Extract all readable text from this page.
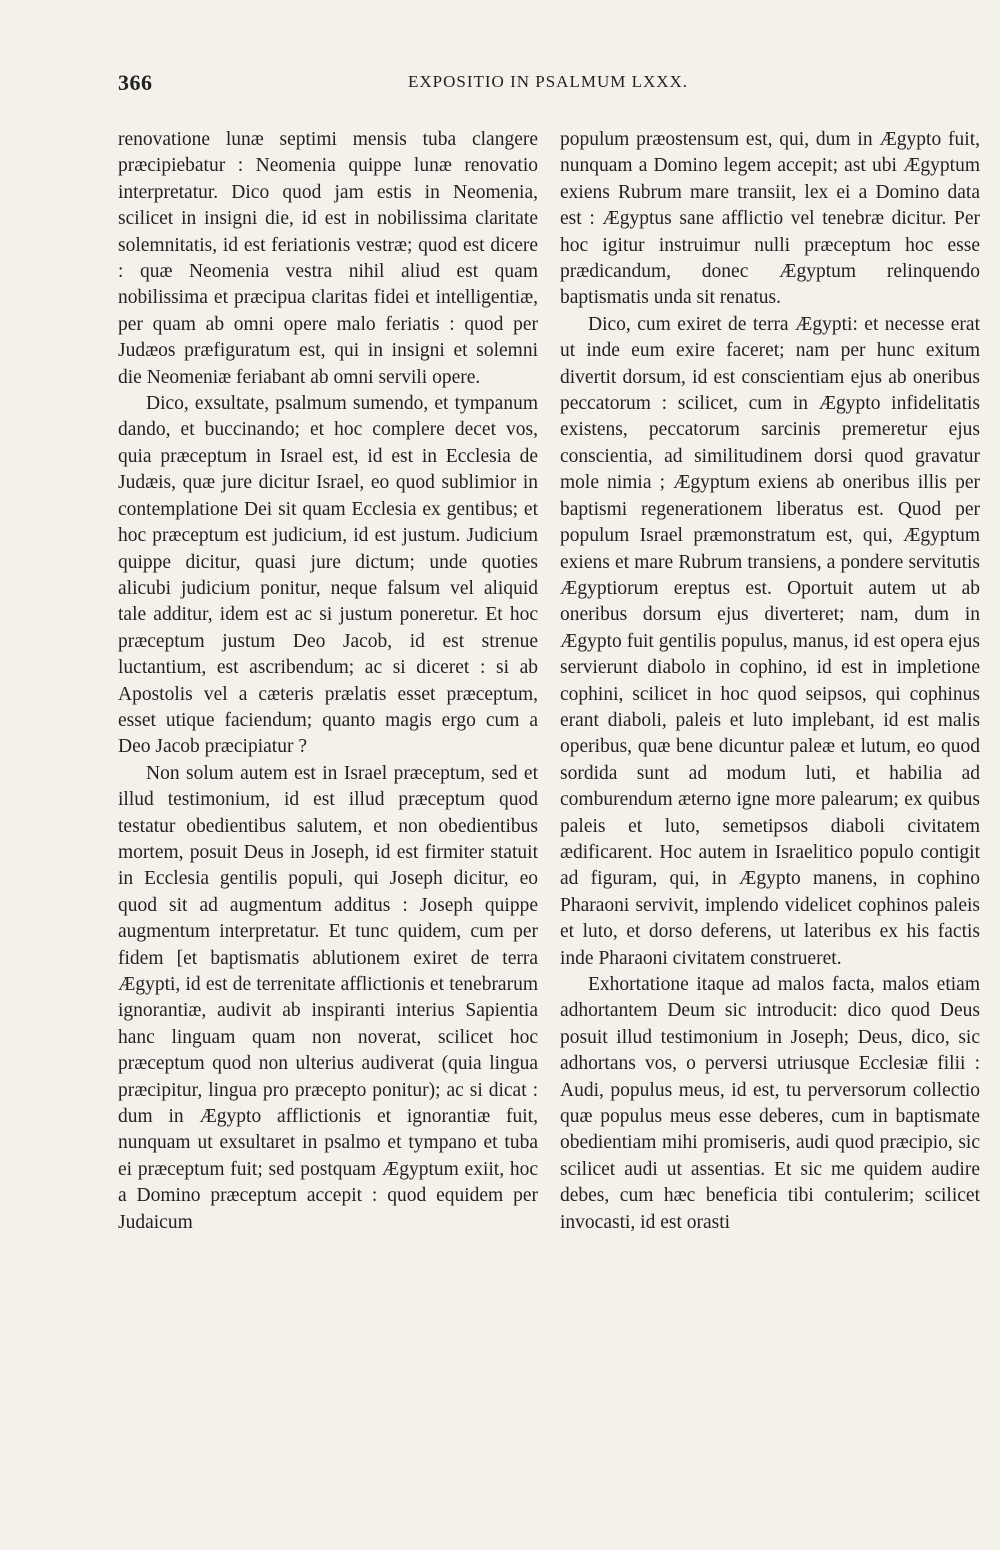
366	EXPOSITIO IN PSALMUM LXXX.

renovatione lunæ septimi mensis tuba clangere præcipiebatur : Neomenia quippe lunæ renovatio interpretatur. Dico quod jam estis in Neomenia, scilicet in insigni die, id est in nobilissima claritate solemnitatis, id est feriationis vestræ; quod est dicere : quæ Neomenia vestra nihil aliud est quam nobilissima et præcipua claritas fidei et intelligentiæ, per quam ab omni opere malo feriatis : quod per Judæos præfiguratum est, qui in insigni et solemni die Neomeniæ feriabant ab omni servili opere.

Dico, exsultate, psalmum sumendo, et tympanum dando, et buccinando; et hoc complere decet vos, quia præceptum in Israel est, id est in Ecclesia de Judæis, quæ jure dicitur Israel, eo quod sublimior in contemplatione Dei sit quam Ecclesia ex gentibus; et hoc præceptum est judicium, id est justum. Judicium quippe dicitur, quasi jure dictum; unde quoties alicubi judicium ponitur, neque falsum vel aliquid tale additur, idem est ac si justum poneretur. Et hoc præceptum justum Deo Jacob, id est strenue luctantium, est ascribendum; ac si diceret : si ab Apostolis vel a cæteris prælatis esset præceptum, esset utique faciendum; quanto magis ergo cum a Deo Jacob præcipiatur ?

Non solum autem est in Israel præceptum, sed et illud testimonium, id est illud præceptum quod testatur obedientibus salutem, et non obedientibus mortem, posuit Deus in Joseph, id est firmiter statuit in Ecclesia gentilis populi, qui Joseph dicitur, eo quod sit ad augmentum additus : Joseph quippe augmentum interpretatur. Et tunc quidem, cum per fidem [et baptismatis ablutionem exiret de terra Ægypti, id est de terrenitate afflictionis et tenebrarum ignorantiæ, audivit ab inspiranti interius Sapientia hanc linguam quam non noverat, scilicet hoc præceptum quod non ulterius audiverat (quia lingua præcipitur, lingua pro præcepto ponitur); ac si dicat : dum in Ægypto afflictionis et ignorantiæ fuit, nunquam ut exsultaret in psalmo et tympano et tuba ei præceptum fuit; sed postquam Ægyptum exiit, hoc a Domino præceptum accepit : quod equidem per Judaicum

populum præostensum est, qui, dum in Ægypto fuit, nunquam a Domino legem accepit; ast ubi Ægyptum exiens Rubrum mare transiit, lex ei a Domino data est : Ægyptus sane afflictio vel tenebræ dicitur. Per hoc igitur instruimur nulli præceptum hoc esse prædicandum, donec Ægyptum relinquendo baptismatis unda sit renatus.

Dico, cum exiret de terra Ægypti: et necesse erat ut inde eum exire faceret; nam per hunc exitum divertit dorsum, id est conscientiam ejus ab oneribus peccatorum : scilicet, cum in Ægypto infidelitatis existens, peccatorum sarcinis premeretur ejus conscientia, ad similitudinem dorsi quod gravatur mole nimia ; Ægyptum exiens ab oneribus illis per baptismi regenerationem liberatus est. Quod per populum Israel præmonstratum est, qui, Ægyptum exiens et mare Rubrum transiens, a pondere servitutis Ægyptiorum ereptus est. Oportuit autem ut ab oneribus dorsum ejus diverteret; nam, dum in Ægypto fuit gentilis populus, manus, id est opera ejus servierunt diabolo in cophino, id est in impletione cophini, scilicet in hoc quod seipsos, qui cophinus erant diaboli, paleis et luto implebant, id est malis operibus, quæ bene dicuntur paleæ et lutum, eo quod sordida sunt ad modum luti, et habilia ad comburendum æterno igne more palearum; ex quibus paleis et luto, semetipsos diaboli civitatem ædificarent. Hoc autem in Israelitico populo contigit ad figuram, qui, in Ægypto manens, in cophino Pharaoni servivit, implendo videlicet cophinos paleis et luto, et dorso deferens, ut lateribus ex his factis inde Pharaoni civitatem construeret.

Exhortatione itaque ad malos facta, malos etiam adhortantem Deum sic introducit: dico quod Deus posuit illud testimonium in Joseph; Deus, dico, sic adhortans vos, o perversi utriusque Ecclesiæ filii : Audi, populus meus, id est, tu perversorum collectio quæ populus meus esse deberes, cum in baptismate obedientiam mihi promiseris, audi quod præcipio, sic scilicet audi ut assentias. Et sic me quidem audire debes, cum hæc beneficia tibi contulerim; scilicet invocasti, id est orasti
